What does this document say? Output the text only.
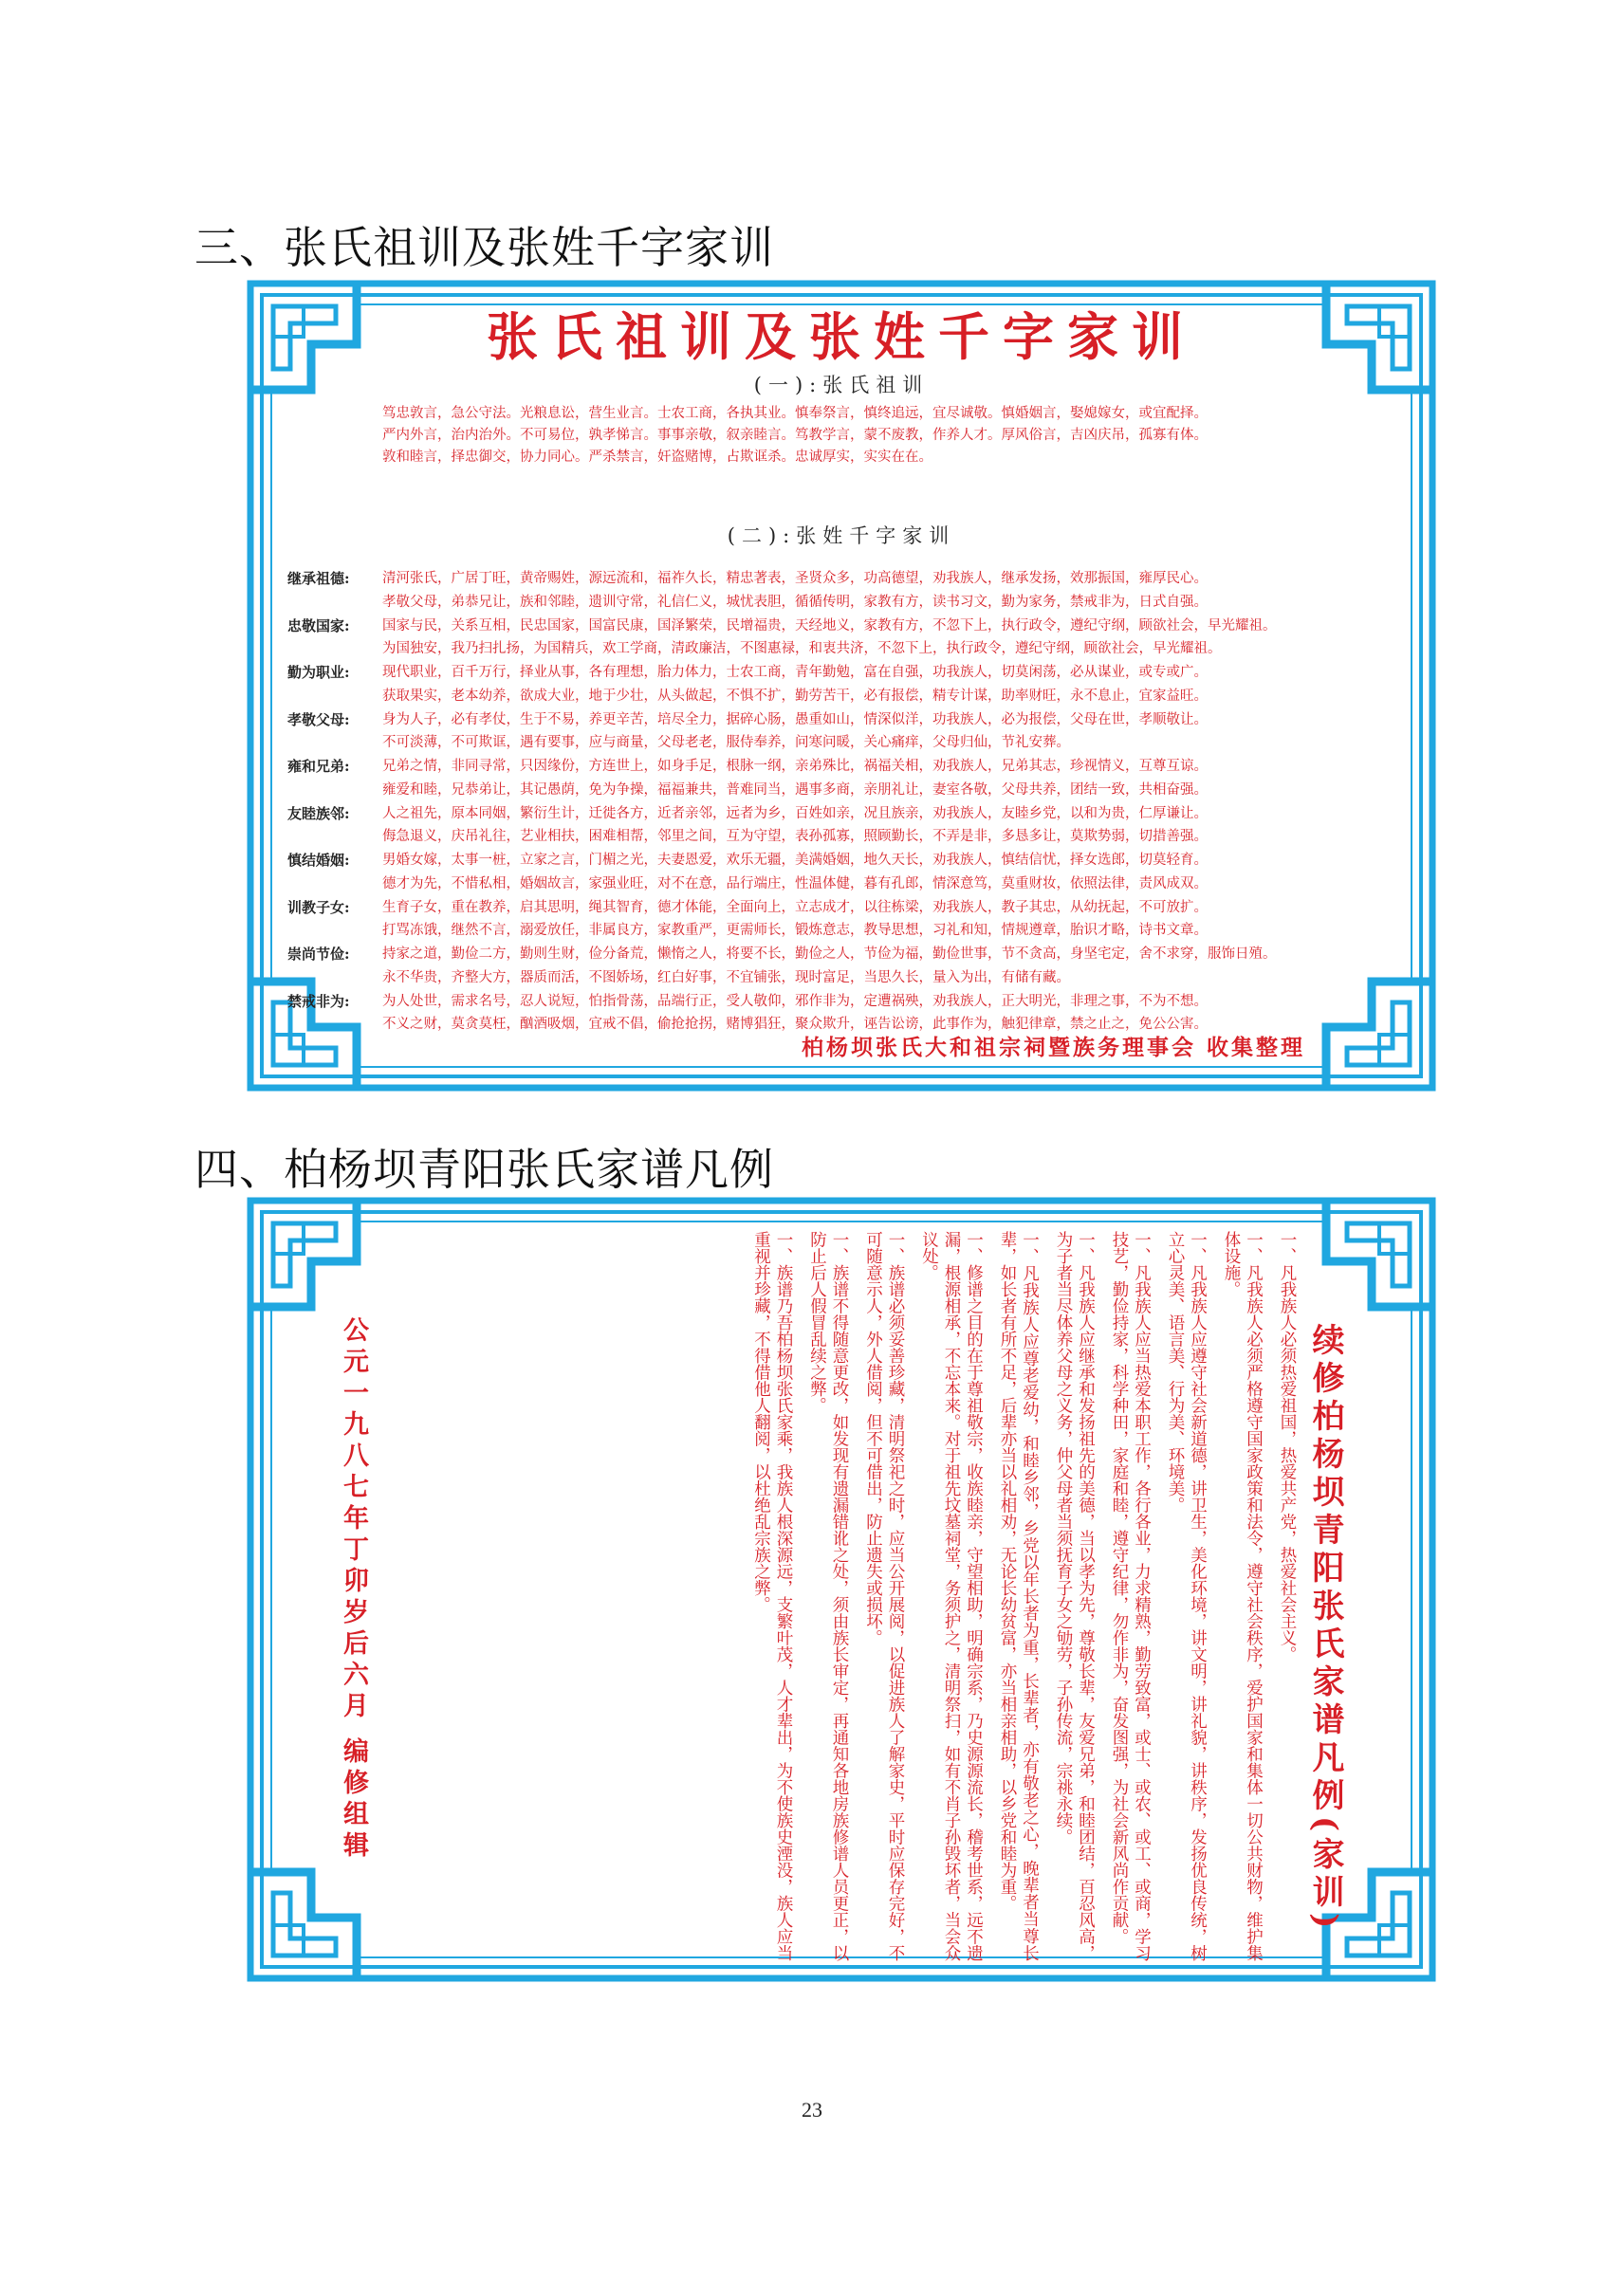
三、张氏祖训及张姓千字家训
张氏祖训及张姓千字家训
(一):张氏祖训
笃忠敦言，急公守法。光粮息讼，营生业言。士农工商，各执其业。慎奉祭言，慎终追远，宜尽诚敬。慎婚姻言，娶媳嫁女，或宜配择。
严内外言，治内治外。不可易位，孰孝悌言。事事亲敬，叙亲睦言。笃教学言，蒙不废教，作养人才。厚风俗言，吉凶庆吊，孤寡有体。
敦和睦言，择忠御交，协力同心。严杀禁言，奸盗赌博，占欺诓杀。忠诚厚实，实实在在。
(二):张姓千字家训
继承祖德:	清河张氏，广居丁旺，黄帝赐姓，源远流和，福祚久长，精忠著表，圣贤众多，功高德望，劝我族人，继承发扬，效那振国，雍厚民心。
孝敬父母，弟恭兄让，族和邻睦，遗训守常，礼信仁义，城忧表胆，循循传明，家教有方，读书习文，勤为家务，禁戒非为，日式自强。
忠敬国家:	国家与民，关系互相，民忠国家，国富民康，国泽繁荣，民增福贵，天经地义，家教有方，不忽下上，执行政令，遵纪守纲，顾欲社会，早光耀祖。
为国独安，我乃扫扎扬，为国精兵，欢工学商，清政廉洁，不图惠禄，和衷共济，不忽下上，执行政令，遵纪守纲，顾欲社会，早光耀祖。
勤为职业:	现代职业，百千万行，择业从事，各有理想，胎力体力，士农工商，青年勤勉，富在自强，功我族人，切莫闲荡，必从谋业，或专或广。
获取果实，老本幼养，欲成大业，地于少壮，从头做起，不惧不扩，勤劳苦干，必有报偿，精专计谋，助率财旺，永不息止，宜家益旺。
孝敬父母:	身为人子，必有孝仗，生于不易，养更辛苦，培尽全力，据碎心肠，愚重如山，情深似洋，功我族人，必为报偿，父母在世，孝顺敬让。
不可淡薄，不可欺诓，遇有要事，应与商量，父母老老，服侍奉养，问寒问暖，关心痛痒，父母归仙，节礼安葬。
雍和兄弟:	兄弟之情，非同寻常，只因缘份，方连世上，如身手足，根脉一纲，亲弟殊比，祸福关相，劝我族人，兄弟其志，珍视情义，互尊互谅。
雍爱和睦，兄恭弟让，其记愚荫，免为争操，福福兼共，普难同当，遇事多商，亲朋礼让，妻室各敬，父母共养，团结一致，共相奋强。
友睦族邻:	人之祖先，原本同姻，繁衍生计，迁徙各方，近者亲邻，远者为乡，百姓如亲，况且族亲，劝我族人，友睦乡党，以和为贵，仁厚谦让。
侮急退义，庆吊礼往，艺业相扶，困难相帮，邻里之间，互为守望，表孙孤寡，照顾勤长，不弄是非，多恳多让，莫欺势弱，切措善强。
慎结婚姻:	男婚女嫁，太事一桩，立家之言，门楣之光，夫妻恩爱，欢乐无疆，美满婚姻，地久天长，劝我族人，慎结信忧，择女选郎，切莫轻育。
德才为先，不惜私相，婚姻故言，家强业旺，对不在意，品行端庄，性温体健，暮有孔郎，情深意笃，莫重财妆，依照法律，责风成双。
训教子女:	生育子女，重在教养，启其思明，绳其智育，德才体能，全面向上，立志成才，以往栋梁，劝我族人，教子其忠，从幼抚起，不可放扩。
打骂冻饿，继然不言，溺爱放任，非属良方，家教重严，更需师长，锻炼意志，教导思想，习礼和知，情规遵章，胎识才略，诗书文章。
崇尚节俭:	持家之道，勤俭二方，勤则生财，俭分备荒，懒惰之人，将要不长，勤俭之人，节俭为福，勤俭世事，节不贪高，身坚宅定，舍不求穿，服饰日殖。
永不华贵，齐整大方，器质而活，不图娇场，红白好事，不宜铺张，现时富足，当思久长，量入为出，有储有藏。
禁戒非为:	为人处世，需求名号，忍人说短，怕指骨荡，品端行正，受人敬仰，邪作非为，定遭祸殃，劝我族人，正大明光，非理之事，不为不想。
不义之财，莫贪莫枉，酗酒吸烟，宜戒不倡，偷抢抢拐，赌博猖狂，聚众欺升，诬告讼谤，此事作为，触犯律章，禁之止之，免公公害。
柏杨坝张氏大和祖宗祠暨族务理事会 收集整理
四、柏杨坝青阳张氏家谱凡例
续修柏杨坝青阳张氏家谱凡例(家训)

一、凡我族人必须热爱祖国，热爱共产党，热爱社会主义。

一、凡我族人必须严格遵守国家政策和法令，遵守社会秩序，爱护国家和集体一切公共财物，维护集体设施。

一、凡我族人应遵守社会新道德，讲卫生，美化环境，讲文明，讲礼貌，讲秩序，发扬优良传统，树立心灵美、语言美、行为美、环境美。

一、凡我族人应当热爱本职工作，各行各业，力求精熟，勤劳致富，或士、或农、或工、或商，学习技艺，勤俭持家，科学种田，家庭和睦，遵守纪律，勿作非为，奋发图强，为社会新风尚作贡献。

一、凡我族人应继承和发扬祖先的美德，当以孝为先，尊敬长辈，友爱兄弟，和睦团结，百忍风高，为子者当尽体养父母之义务，仲父母者当须抚育子女之劬劳，子孙传流，宗祧永续。

一、凡我族人应尊老爱幼，和睦乡邻，乡党以年长者为重，长辈者，亦有敬老之心，晚辈者当尊长辈，如长者有所不足，后辈亦当以礼相劝，无论长幼贫富，亦当相亲相助，以乡党和睦为重。

一、修谱之目的在于尊祖敬宗，收族睦亲，守望相助，明确宗系，乃史源源流长，稽考世系，远不遗漏，根源相承，不忘本来。对于祖先坟墓祠堂，务须护之，清明祭扫，如有不肖子孙毁坏者，当会众议处。

一、族谱必须妥善珍藏，清明祭祀之时，应当公开展阅，以促进族人了解家史，平时应保存完好，不可随意示人，外人借阅，但不可借出，防止遗失或损坏。

一、族谱不得随意更改，如发现有遗漏错讹之处，须由族长审定，再通知各地房族修谱人员更正，以防止后人假冒乱续之弊。

一、族谱乃吾柏杨坝张氏家乘，我族人根深源远，支繁叶茂，人才辈出，为不使族史湮没，族人应当重视并珍藏，不得借他人翻阅，以杜绝乱宗族之弊。

公元一九八七年丁卯岁后六月 编修组辑
23
